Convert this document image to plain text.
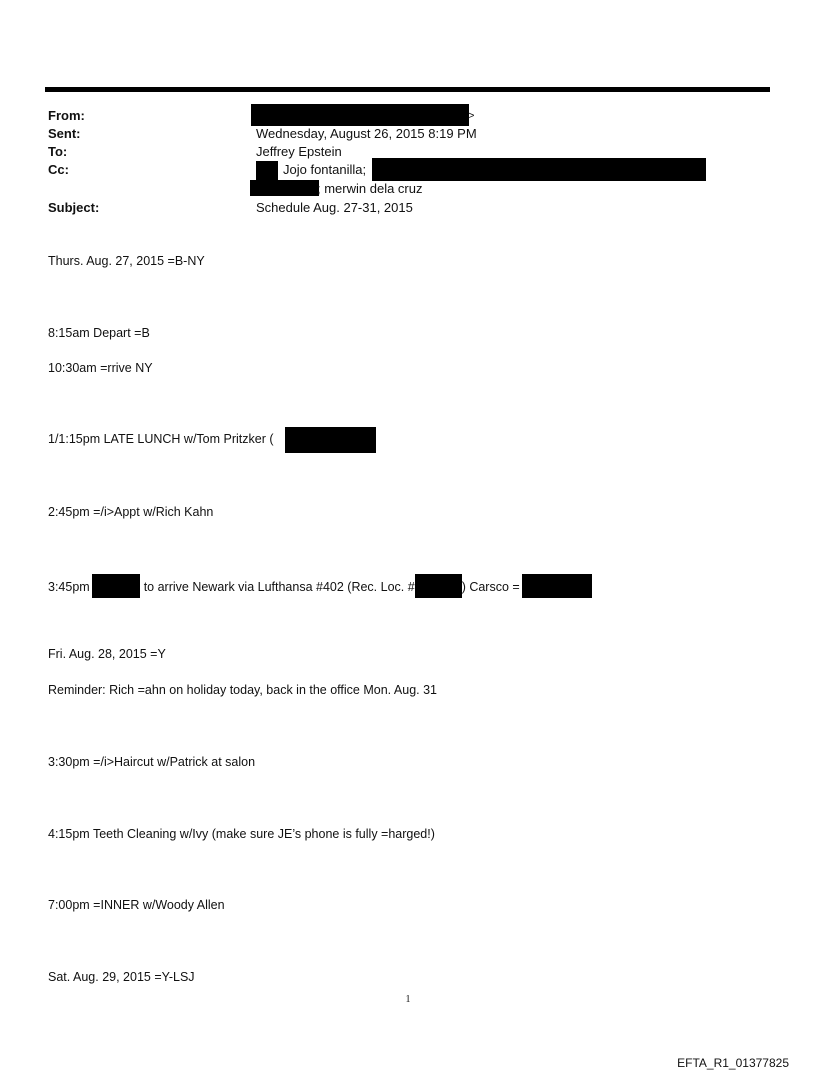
From:	>
Sent:	Wednesday, August 26, 2015 8:19 PM
To:	Jeffrey Epstein
Cc:	Jojo fontanilla;
; merwin dela cruz
Subject:	Schedule Aug. 27-31, 2015
Thurs. Aug. 27, 2015 =B-NY
8:15am Depart =B
10:30am =rrive NY
1/1:15pm LATE LUNCH w/Tom Pritzker (
2:45pm =/i>Appt w/Rich Kahn
3:45pm	to arrive Newark via Lufthansa #402 (Rec. Loc. #	) Carsco =
Fri. Aug. 28, 2015 =Y
Reminder: Rich =ahn on holiday today, back in the office Mon. Aug. 31
3:30pm =/i>Haircut w/Patrick at salon
4:15pm Teeth Cleaning w/Ivy (make sure JE’s phone is fully =harged!)
7:00pm =INNER w/Woody Allen
Sat. Aug. 29, 2015 =Y-LSJ
1
EFTA_R1_01377825
